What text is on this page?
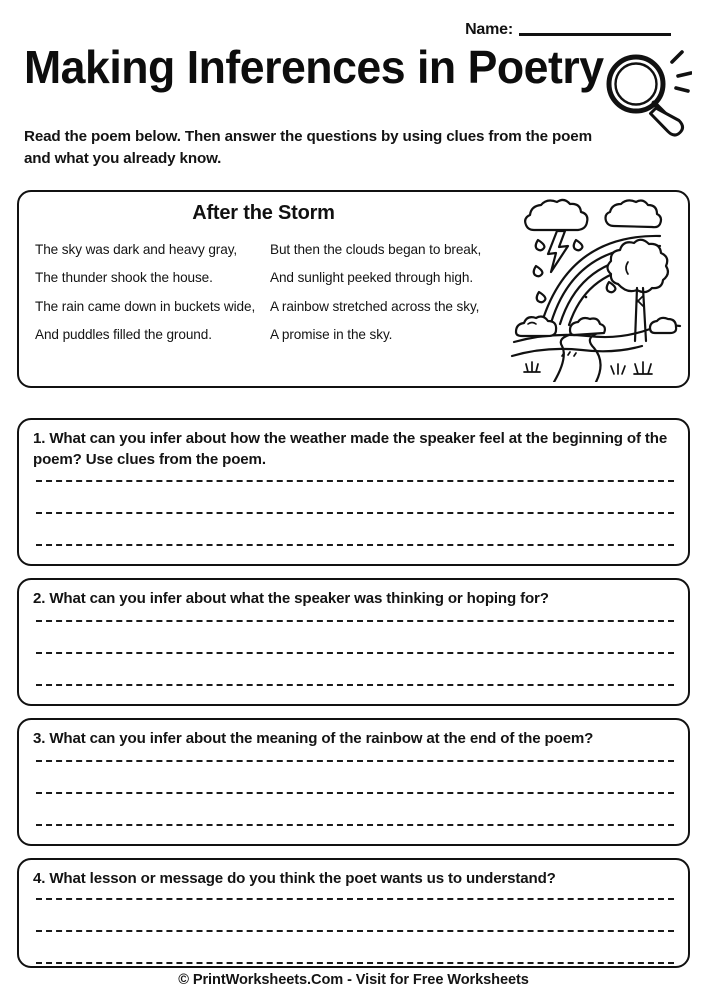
Name:
Making Inferences in Poetry
Read the poem below. Then answer the questions by using clues from the poem and what you already know.
After the Storm
The sky was dark and heavy gray,
The thunder shook the house.
The rain came down in buckets wide,
And puddles filled the ground.
But then the clouds began to break,
And sunlight peeked through high.
A rainbow stretched across the sky,
A promise in the sky.
1. What can you infer about how the weather made the speaker feel at the beginning of the poem? Use clues from the poem.
2. What can you infer about what the speaker was thinking or hoping for?
3. What can you infer about the meaning of the rainbow at the end of the poem?
4. What lesson or message do you think the poet wants us to understand?
© PrintWorksheets.Com - Visit for Free Worksheets
